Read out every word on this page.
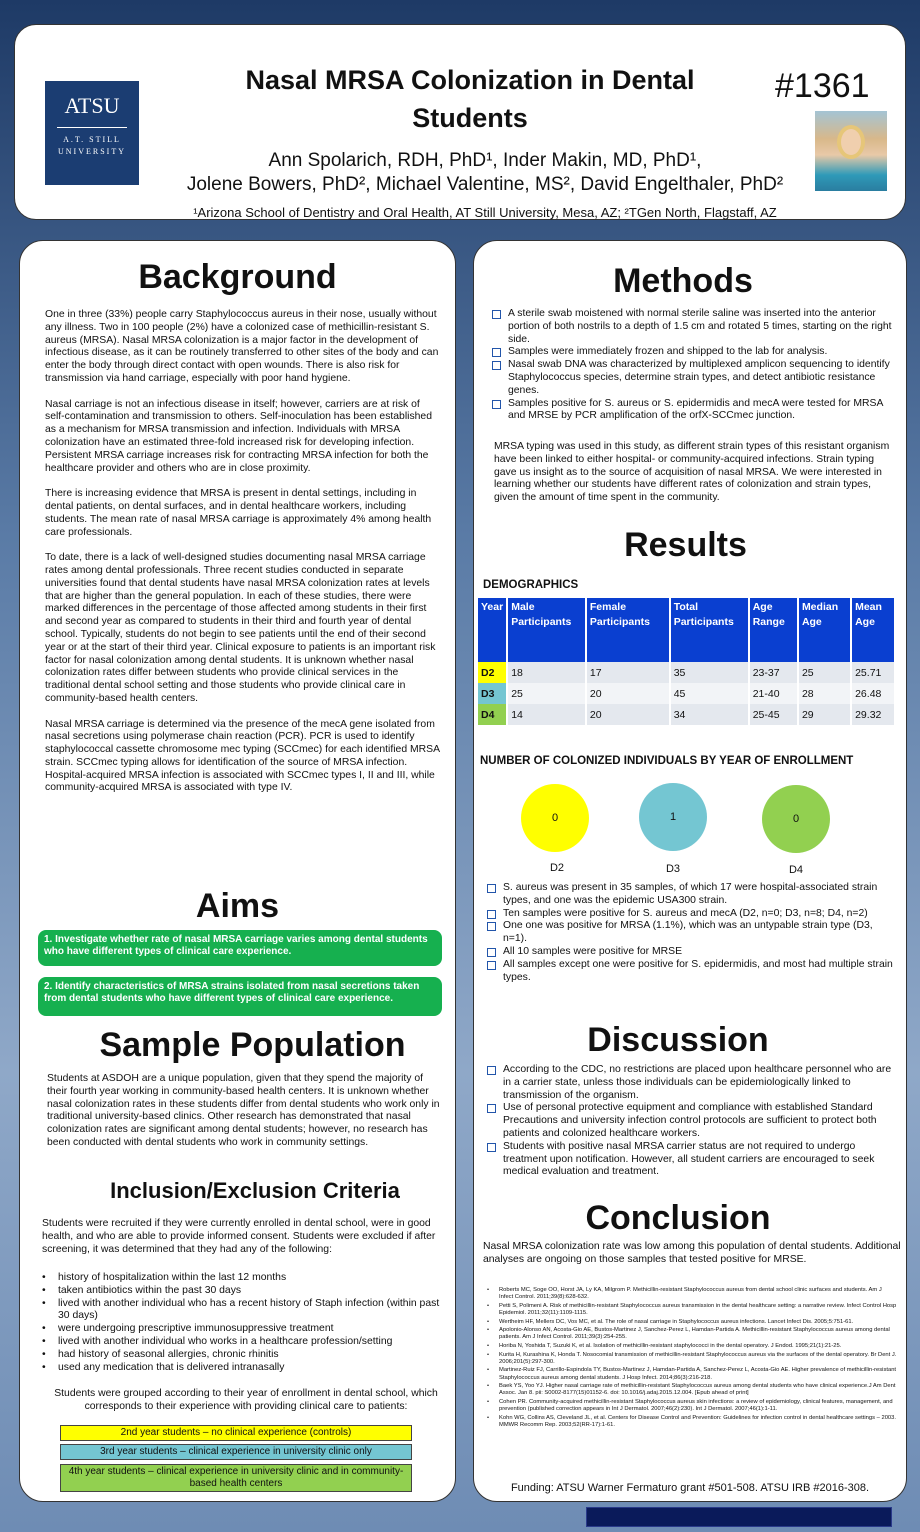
ATSU
A.T. STILL
UNIVERSITY
Nasal MRSA Colonization in Dental Students
#1361
Ann Spolarich, RDH, PhD¹, Inder Makin, MD, PhD¹,
Jolene Bowers, PhD², Michael Valentine, MS², David Engelthaler, PhD²
¹Arizona School of Dentistry and Oral Health, AT Still University, Mesa, AZ; ²TGen North, Flagstaff, AZ
Background

One in three (33%) people carry Staphylococcus aureus in their nose, usually without any illness. Two in 100 people (2%) have a colonized case of methicillin-resistant S. aureus (MRSA). Nasal MRSA colonization is a major factor in the development of infectious disease, as it can be routinely transferred to other sites of the body and can enter the body through direct contact with open wounds. There is also risk for transmission via hand carriage, especially with poor hand hygiene.

Nasal carriage is not an infectious disease in itself; however, carriers are at risk of self-contamination and transmission to others. Self-inoculation has been established as a mechanism for MRSA transmission and infection. Individuals with MRSA colonization have an estimated three-fold increased risk for developing infection. Persistent MRSA carriage increases risk for contracting MRSA infection for both the healthcare provider and others who are in close proximity.

There is increasing evidence that MRSA is present in dental settings, including in dental patients, on dental surfaces, and in dental healthcare workers, including students. The mean rate of nasal MRSA carriage is approximately 4% among health care professionals.

To date, there is a lack of well-designed studies documenting nasal MRSA carriage rates among dental professionals. Three recent studies conducted in separate universities found that dental students have nasal MRSA colonization rates at levels that are higher than the general population. In each of these studies, there were marked differences in the percentage of those affected among students in their first and second year as compared to students in their third and fourth year of dental school. Typically, students do not begin to see patients until the end of their second year or at the start of their third year. Clinical exposure to patients is an important risk factor for nasal colonization among dental students. It is unknown whether nasal colonization rates differ between students who provide clinical services in the traditional dental school setting and those students who provide clinical care in community-based health centers.

Nasal MRSA carriage is determined via the presence of the mecA gene isolated from nasal secretions using polymerase chain reaction (PCR). PCR is used to identify staphylococcal cassette chromosome mec typing (SCCmec) for each identified MRSA strain. SCCmec typing allows for identification of the source of MRSA infection. Hospital-acquired MRSA infection is associated with SCCmec types I, II and III, while community-acquired MRSA is associated with type IV.

Aims
1. Investigate whether rate of nasal MRSA carriage varies among dental students who have different types of clinical care experience.
2. Identify characteristics of MRSA strains isolated from nasal secretions taken from dental students who have different types of clinical care experience.
Sample Population
Students at ASDOH are a unique population, given that they spend the majority of their fourth year working in community-based health centers. It is unknown whether nasal colonization rates in these students differ from dental students who work only in traditional university-based clinics. Other research has demonstrated that nasal colonization rates are significant among dental students; however, no research has been conducted with dental students who work in community settings.
Inclusion/Exclusion Criteria
Students were recruited if they were currently enrolled in dental school, were in good health, and who are able to provide informed consent. Students were excluded if after screening, it was determined that they had any of the following:
• history of hospitalization within the last 12 months
• taken antibiotics within the past 30 days
• lived with another individual who has a recent history of Staph infection (within past 30 days)
• were undergoing prescriptive immunosuppressive treatment
• lived with another individual who works in a healthcare profession/setting
• had history of seasonal allergies, chronic rhinitis
• used any medication that is delivered intranasally
Students were grouped according to their year of enrollment in dental school, which corresponds to their experience with providing clinical care to patients:
2nd year students – no clinical experience (controls)
3rd year students – clinical experience in university clinic only
4th year students – clinical experience in university clinic and in community-based health centers
Methods
A sterile swab moistened with normal sterile saline was inserted into the anterior portion of both nostrils to a depth of 1.5 cm and rotated 5 times, starting on the right side.
Samples were immediately frozen and shipped to the lab for analysis.
Nasal swab DNA was characterized by multiplexed amplicon sequencing to identify Staphylococcus species, determine strain types, and detect antibiotic resistance genes.
Samples positive for S. aureus or S. epidermidis and mecA were tested for MRSA and MRSE by PCR amplification of the orfX-SCCmec junction.
MRSA typing was used in this study, as different strain types of this resistant organism have been linked to either hospital- or community-acquired infections. Strain typing gave us insight as to the source of acquisition of nasal MRSA. We were interested in learning whether our students have different rates of colonization and strain types, given the amount of time spent in the community.
Results
DEMOGRAPHICS
Year	Male Participants	Female Participants	Total Participants	Age Range	Median Age	Mean Age
D2	18	17	35	23-37	25	25.71
D3	25	20	45	21-40	28	26.48
D4	14	20	34	25-45	29	29.32
NUMBER OF COLONIZED INDIVIDUALS BY YEAR OF ENROLLMENT
0
D2
1
D3
0
D4
S. aureus was present in 35 samples, of which 17 were hospital-associated strain types, and one was the epidemic USA300 strain.
Ten samples were positive for S. aureus and mecA (D2, n=0; D3, n=8; D4, n=2)
One one was positive for MRSA (1.1%), which was an untypable strain type (D3, n=1).
All 10 samples were positive for MRSE
All samples except one were positive for S. epidermidis, and most had multiple strain types.
Discussion
According to the CDC, no restrictions are placed upon healthcare personnel who are in a carrier state, unless those individuals can be epidemiologically linked to transmission of the organism.
Use of personal protective equipment and compliance with established Standard Precautions and university infection control protocols are sufficient to protect both patients and colonized healthcare workers.
Students with positive nasal MRSA carrier status are not required to undergo treatment upon notification. However, all student carriers are encouraged to seek medical evaluation and treatment.
Conclusion
Nasal MRSA colonization rate was low among this population of dental students. Additional analyses are ongoing on those samples that tested positive for MRSE.
• Roberts MC, Soge OO, Horst JA, Ly KA, Milgrom P. Methicillin-resistant Staphylococcus aureus from dental school clinic surfaces and students. Am J Infect Control. 2011;39(8):628-632.
• Petti S, Polimeni A. Risk of methicillin-resistant Staphylococcus aureus transmission in the dental healthcare setting: a narrative review. Infect Control Hosp Epidemiol. 2011;32(11):1109-1115.
• Wertheim HF, Mellers DC, Vos MC, et al. The role of nasal carriage in Staphylococcus aureus infections. Lancet Infect Dis. 2005;5:751-61.
• Apolonio-Alonso AN, Acosta-Gio AE, Bustos-Martinez J, Sanchez-Perez L, Hamdan-Partida A. Methicillin-resistant Staphylococcus aureus among dental patients. Am J Infect Control. 2011;39(3):254-255.
• Horiba N, Yoshida T, Suzuki K, et al. Isolation of methicillin-resistant staphylococci in the dental operatory. J Endod. 1995;21(1):21-25.
• Kurita H, Kurashina K, Honda T. Nosocomial transmission of methicillin-resistant Staphylococcus aureus via the surfaces of the dental operatory. Br Dent J. 2006;201(5):297-300.
• Martinez-Ruiz FJ, Carrillo-Espindola TY, Bustos-Martinez J, Hamdan-Partida A, Sanchez-Perez L, Acosta-Gio AE. Higher prevalence of methicillin-resistant Staphylococcus aureus among dental students. J Hosp Infect. 2014;86(3):216-218.
• Baek YS, Yoo YJ. Higher nasal carriage rate of methicillin-resistant Staphylococcus aureus among dental students who have clinical experience.J Am Dent Assoc. Jan 8. pii: S0002-8177(15)01152-6. doi: 10.1016/j.adaj.2015.12.004. [Epub ahead of print]
• Cohen PR. Community-acquired methicillin-resistant Staphylococcus aureus skin infections: a review of epidemiology, clinical features, management, and prevention (published correction appears in Int J Dermatol. 2007;46(2):230). Int J Dermatol. 2007;46(1):1-11.
• Kohn WG, Collins AS, Cleveland JL, et al. Centers for Disease Control and Prevention: Guidelines for infection control in dental healthcare settings – 2003. MMWR Recomm Rep. 2003;52(RR-17):1-61.
Funding: ATSU Warner Fermaturo grant #501-508. ATSU IRB #2016-308.
